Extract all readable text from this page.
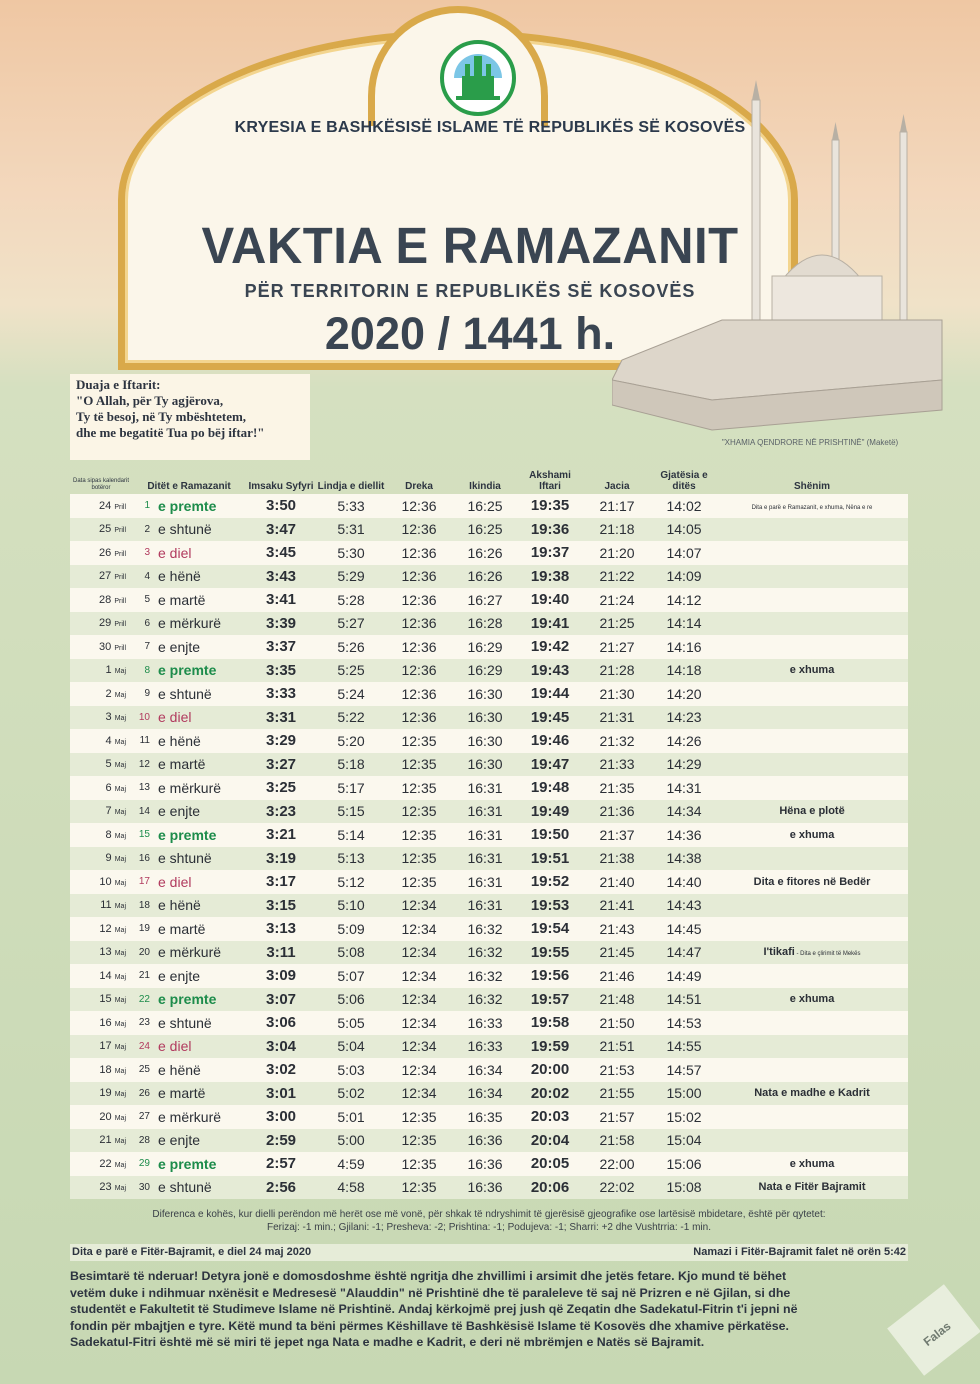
KRYESIA E BASHKËSISË ISLAME TË REPUBLIKËS SË KOSOVËS
VAKTIA E RAMAZANIT
PËR TERRITORIN E REPUBLIKËS SË KOSOVËS
2020 / 1441 h.
"XHAMIA QENDRORE NË PRISHTINË" (Maketë)
Duaja e Iftarit:
"O Allah, për Ty agjërova,
Ty të besoj, në Ty mbështetem,
dhe me begatitë Tua po bëj iftar!"
Data sipas kalendarit botëror	Ditët e Ramazanit		Imsaku Syfyri	Lindja e diellit	Dreka	Ikindia	Akshami Iftari	Jacia	Gjatësia e ditës	Shënim
24 Prill	1	e premte	3:50	5:33	12:36	16:25	19:35	21:17	14:02	Dita e parë e Ramazanit, e xhuma, Nëna e re
25 Prill	2	e shtunë	3:47	5:31	12:36	16:25	19:36	21:18	14:05	
26 Prill	3	e diel	3:45	5:30	12:36	16:26	19:37	21:20	14:07	
27 Prill	4	e hënë	3:43	5:29	12:36	16:26	19:38	21:22	14:09	
28 Prill	5	e martë	3:41	5:28	12:36	16:27	19:40	21:24	14:12	
29 Prill	6	e mërkurë	3:39	5:27	12:36	16:28	19:41	21:25	14:14	
30 Prill	7	e enjte	3:37	5:26	12:36	16:29	19:42	21:27	14:16	
1 Maj	8	e premte	3:35	5:25	12:36	16:29	19:43	21:28	14:18	e xhuma
2 Maj	9	e shtunë	3:33	5:24	12:36	16:30	19:44	21:30	14:20	
3 Maj	10	e diel	3:31	5:22	12:36	16:30	19:45	21:31	14:23	
4 Maj	11	e hënë	3:29	5:20	12:35	16:30	19:46	21:32	14:26	
5 Maj	12	e martë	3:27	5:18	12:35	16:30	19:47	21:33	14:29	
6 Maj	13	e mërkurë	3:25	5:17	12:35	16:31	19:48	21:35	14:31	
7 Maj	14	e enjte	3:23	5:15	12:35	16:31	19:49	21:36	14:34	Hëna e plotë
8 Maj	15	e premte	3:21	5:14	12:35	16:31	19:50	21:37	14:36	e xhuma
9 Maj	16	e shtunë	3:19	5:13	12:35	16:31	19:51	21:38	14:38	
10 Maj	17	e diel	3:17	5:12	12:35	16:31	19:52	21:40	14:40	Dita e fitores në Bedër
11 Maj	18	e hënë	3:15	5:10	12:34	16:31	19:53	21:41	14:43	
12 Maj	19	e martë	3:13	5:09	12:34	16:32	19:54	21:43	14:45	
13 Maj	20	e mërkurë	3:11	5:08	12:34	16:32	19:55	21:45	14:47	I'tikafi - Dita e çlirimit të Mekës
14 Maj	21	e enjte	3:09	5:07	12:34	16:32	19:56	21:46	14:49	
15 Maj	22	e premte	3:07	5:06	12:34	16:32	19:57	21:48	14:51	e xhuma
16 Maj	23	e shtunë	3:06	5:05	12:34	16:33	19:58	21:50	14:53	
17 Maj	24	e diel	3:04	5:04	12:34	16:33	19:59	21:51	14:55	
18 Maj	25	e hënë	3:02	5:03	12:34	16:34	20:00	21:53	14:57	
19 Maj	26	e martë	3:01	5:02	12:34	16:34	20:02	21:55	15:00	Nata e madhe e Kadrit
20 Maj	27	e mërkurë	3:00	5:01	12:35	16:35	20:03	21:57	15:02	
21 Maj	28	e enjte	2:59	5:00	12:35	16:36	20:04	21:58	15:04	
22 Maj	29	e premte	2:57	4:59	12:35	16:36	20:05	22:00	15:06	e xhuma
23 Maj	30	e shtunë	2:56	4:58	12:35	16:36	20:06	22:02	15:08	Nata e Fitër Bajramit
Diferenca e kohës, kur dielli perëndon më herët ose më vonë, për shkak të ndryshimit të gjerësisë gjeografike ose lartësisë mbidetare, është për qytetet:
Ferizaj: -1 min.; Gjilani: -1; Presheva: -2; Prishtina: -1; Podujeva: -1; Sharri: +2 dhe Vushtrria: -1 min.
Dita e parë e Fitër-Bajramit, e diel 24 maj 2020	Namazi i Fitër-Bajramit falet në orën 5:42
Besimtarë të nderuar! Detyra jonë e domosdoshme është ngritja dhe zhvillimi i arsimit dhe jetës fetare. Kjo mund të bëhet
vetëm duke i ndihmuar nxënësit e Medresesë "Alauddin" në Prishtinë dhe të paraleleve të saj në Prizren e në Gjilan, si dhe
studentët e Fakultetit të Studimeve Islame në Prishtinë. Andaj kërkojmë prej jush që Zeqatin dhe Sadekatul-Fitrin t'i jepni në
fondin për mbajtjen e tyre. Këtë mund ta bëni përmes Këshillave të Bashkësisë Islame të Kosovës dhe xhamive përkatëse.
Sadekatul-Fitri është më së miri të jepet nga Nata e madhe e Kadrit, e deri në mbrëmjen e Natës së Bajramit.	Falas
